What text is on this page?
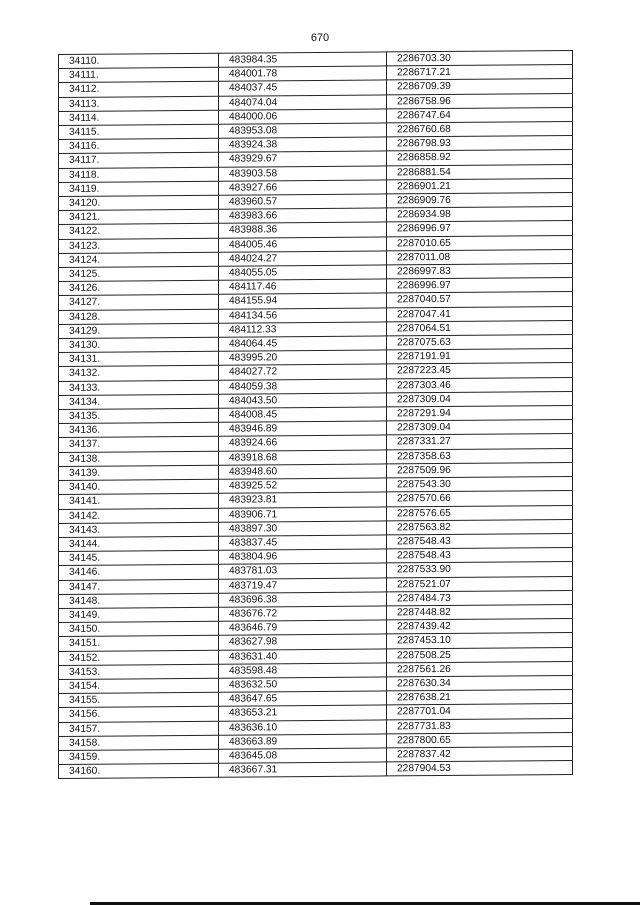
670
34110.	483984.35	2286703.30
34111.	484001.78	2286717.21
34112.	484037.45	2286709.39
34113.	484074.04	2286758.96
34114.	484000.06	2286747.64
34115.	483953.08	2286760.68
34116.	483924.38	2286798.93
34117.	483929.67	2286858.92
34118.	483903.58	2286881.54
34119.	483927.66	2286901.21
34120.	483960.57	2286909.76
34121.	483983.66	2286934.98
34122.	483988.36	2286996.97
34123.	484005.46	2287010.65
34124.	484024.27	2287011.08
34125.	484055.05	2286997.83
34126.	484117.46	2286996.97
34127.	484155.94	2287040.57
34128.	484134.56	2287047.41
34129.	484112.33	2287064.51
34130.	484064.45	2287075.63
34131.	483995.20	2287191.91
34132.	484027.72	2287223.45
34133.	484059.38	2287303.46
34134.	484043.50	2287309.04
34135.	484008.45	2287291.94
34136.	483946.89	2287309.04
34137.	483924.66	2287331.27
34138.	483918.68	2287358.63
34139.	483948.60	2287509.96
34140.	483925.52	2287543.30
34141.	483923.81	2287570.66
34142.	483906.71	2287576.65
34143.	483897.30	2287563.82
34144.	483837.45	2287548.43
34145.	483804.96	2287548.43
34146.	483781.03	2287533.90
34147.	483719.47	2287521.07
34148.	483696.38	2287484.73
34149.	483676.72	2287448.82
34150.	483646.79	2287439.42
34151.	483627.98	2287453.10
34152.	483631.40	2287508.25
34153.	483598.48	2287561.26
34154.	483632.50	2287630.34
34155.	483647.65	2287638.21
34156.	483653.21	2287701.04
34157.	483636.10	2287731.83
34158.	483663.89	2287800.65
34159.	483645.08	2287837.42
34160.	483667.31	2287904.53
